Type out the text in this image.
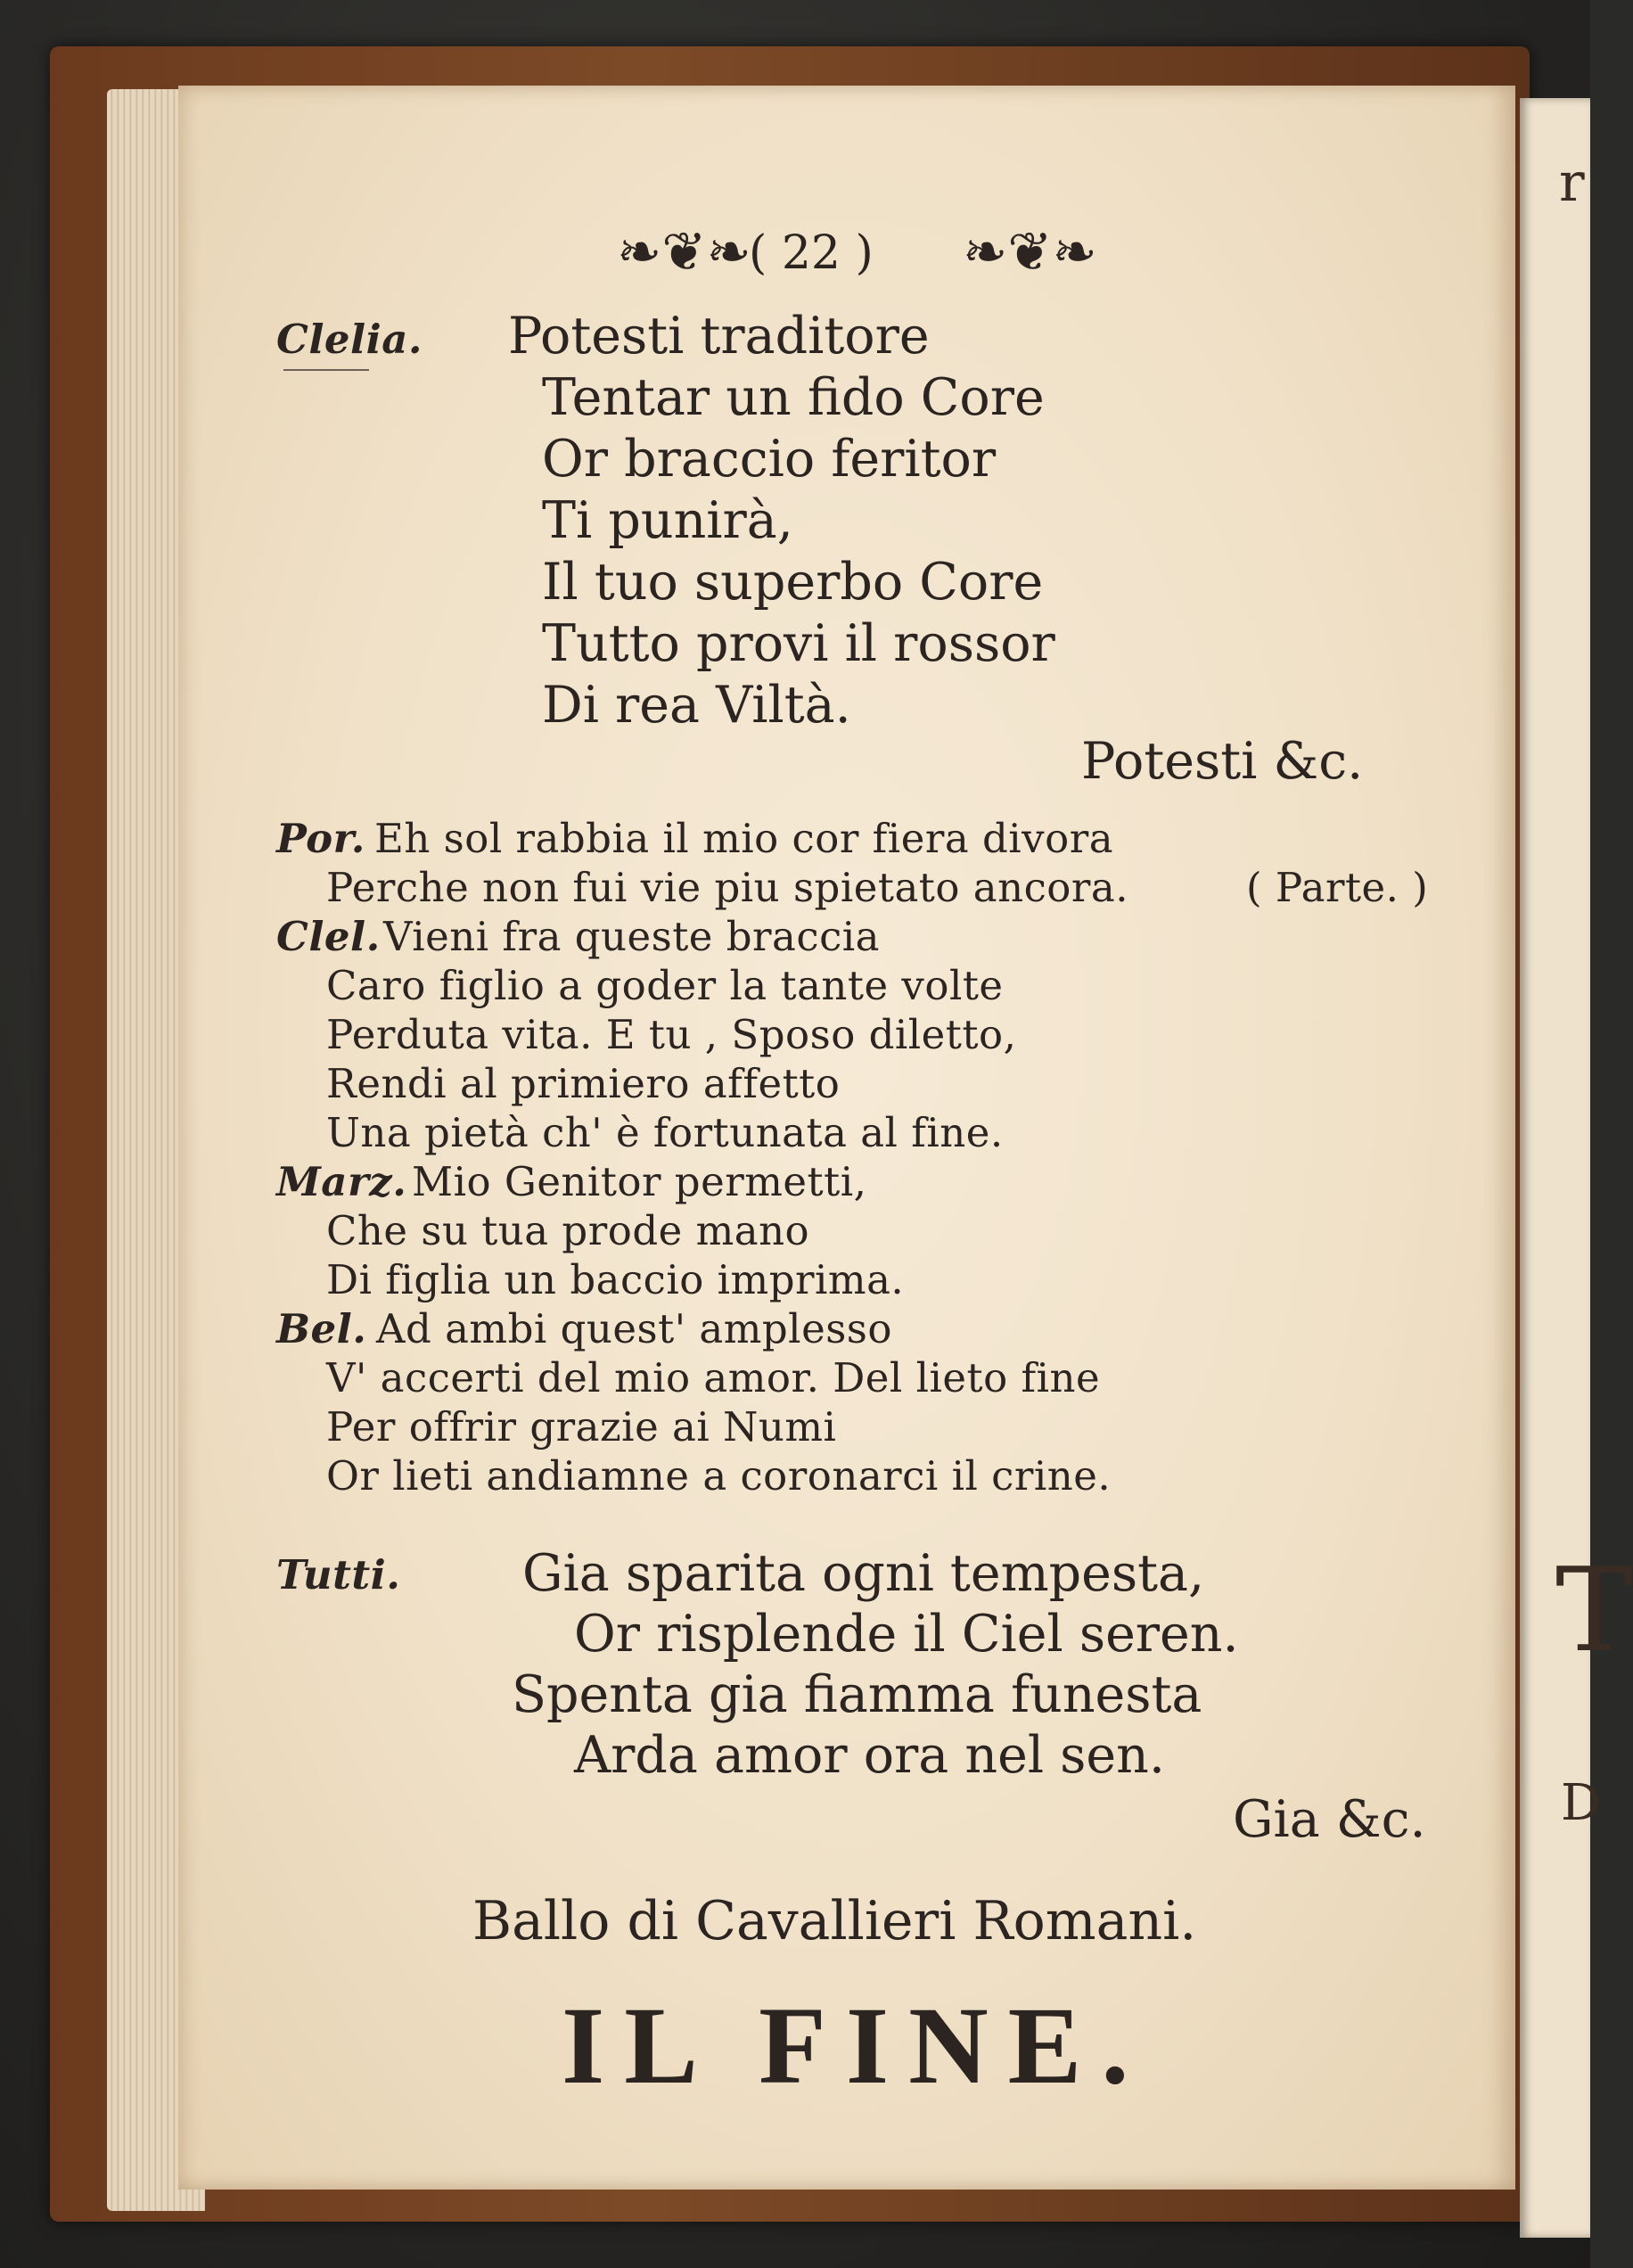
r
T
D
❧❦❧
( 22 ) ❧❦❧
Clelia. Potesti traditore
Tentar un fido Core
Or braccio feritor
Ti punirà,
Il tuo superbo Core
Tutto provi il rossor
Di rea Viltà.
Potesti &c.
Por. Eh sol rabbia il mio cor fiera divora
Perche non fui vie piu spietato ancora.	( Parte. )
Clel. Vieni fra queste braccia
Caro figlio a goder la tante volte
Perduta vita. E tu , Sposo diletto,
Rendi al primiero affetto
Una pietà ch' è fortunata al fine.
Marz. Mio Genitor permetti,
Che su tua prode mano
Di figlia un baccio imprima.
Bel. Ad ambi quest' amplesso
V' accerti del mio amor. Del lieto fine
Per offrir grazie ai Numi
Or lieti andiamne a coronarci il crine.
Tutti. Gia sparita ogni tempesta,
Or risplende il Ciel seren.
Spenta gia fiamma funesta
Arda amor ora nel sen.
Gia &c.
Ballo di Cavallieri Romani.
IL FINE.
